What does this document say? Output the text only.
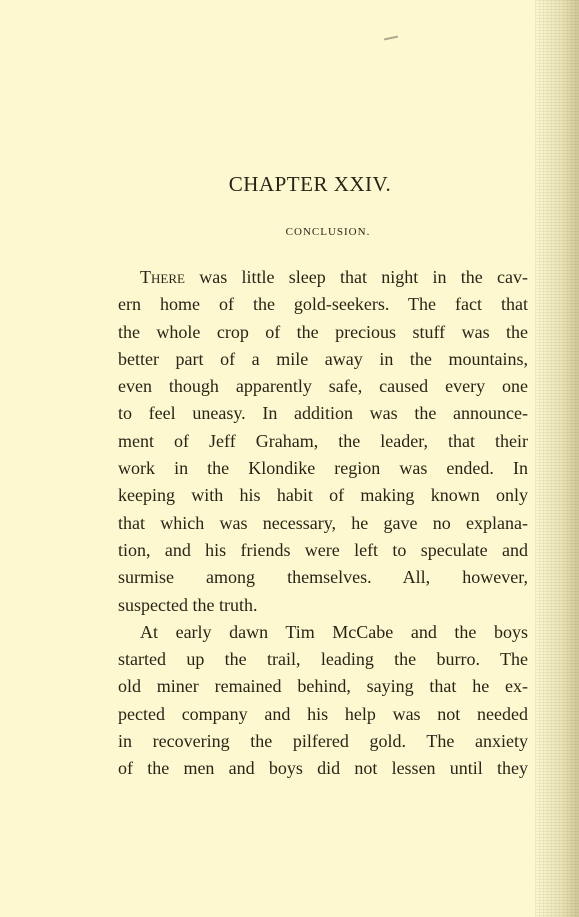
CHAPTER XXIV.
CONCLUSION.
There was little sleep that night in the cav-
ern home of the gold-seekers. The fact that
the whole crop of the precious stuff was the
better part of a mile away in the mountains,
even though apparently safe, caused every one
to feel uneasy. In addition was the announce-
ment of Jeff Graham, the leader, that their
work in the Klondike region was ended. In
keeping with his habit of making known only
that which was necessary, he gave no explana-
tion, and his friends were left to speculate and
surmise among themselves. All, however,
suspected the truth.
At early dawn Tim McCabe and the boys
started up the trail, leading the burro. The
old miner remained behind, saying that he ex-
pected company and his help was not needed
in recovering the pilfered gold. The anxiety
of the men and boys did not lessen until they
